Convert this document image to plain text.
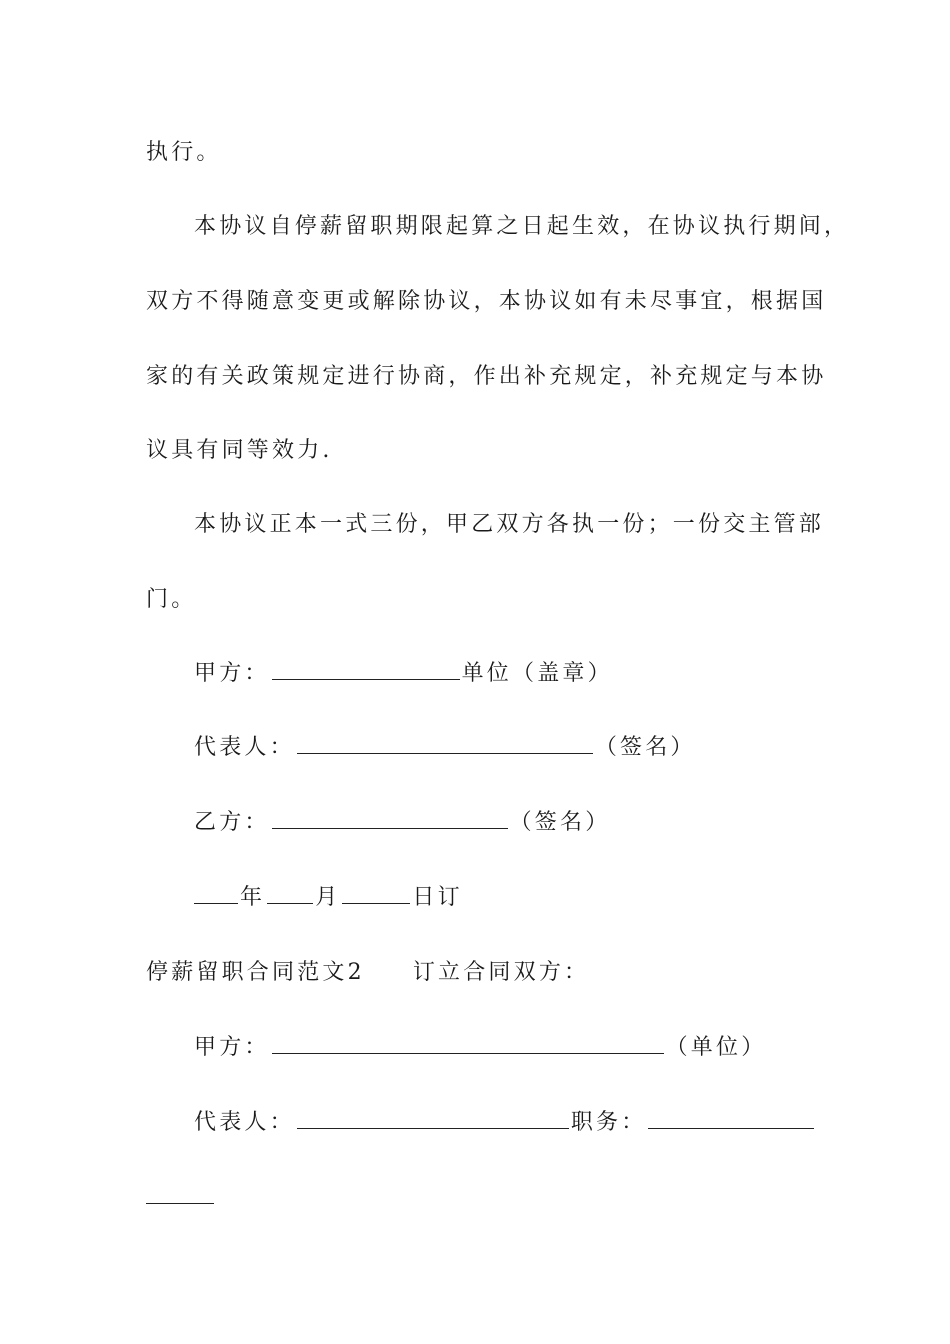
执行。
本协议自停薪留职期限起算之日起生效，在协议执行期间，
双方不得随意变更或解除协议，本协议如有未尽事宜，根据国
家的有关政策规定进行协商，作出补充规定，补充规定与本协
议具有同等效力.
本协议正本一式三份，甲乙双方各执一份；一份交主管部
门。
甲方：	单位（盖章）
代表人：	（签名）
乙方：	（签名）
年 月	日订
停薪留职合同范文2 订立合同双方：
甲方：	（单位）
代表人：	职务：
